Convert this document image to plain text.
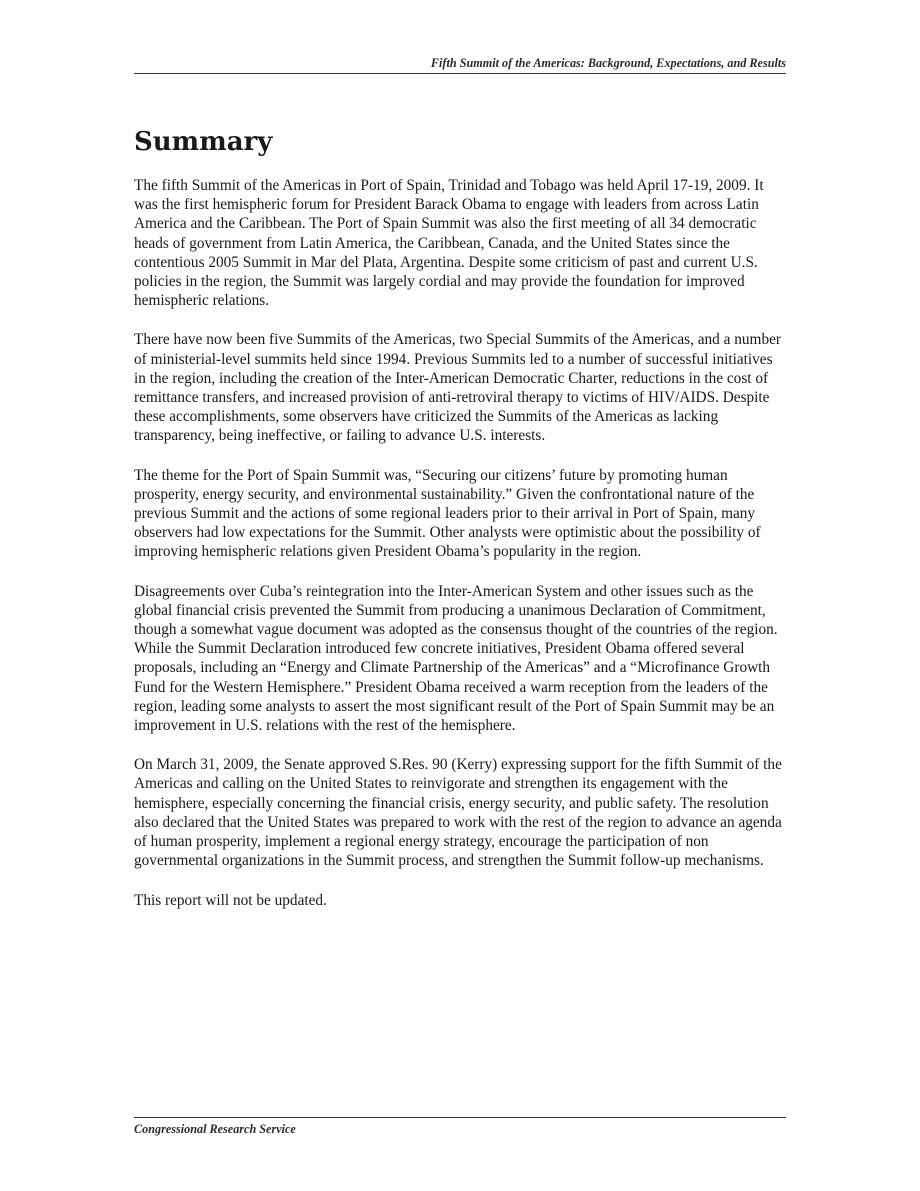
Fifth Summit of the Americas: Background, Expectations, and Results
Summary

The fifth Summit of the Americas in Port of Spain, Trinidad and Tobago was held April 17-19, 2009. It was the first hemispheric forum for President Barack Obama to engage with leaders from across Latin America and the Caribbean. The Port of Spain Summit was also the first meeting of all 34 democratic heads of government from Latin America, the Caribbean, Canada, and the United States since the contentious 2005 Summit in Mar del Plata, Argentina. Despite some criticism of past and current U.S. policies in the region, the Summit was largely cordial and may provide the foundation for improved hemispheric relations.

There have now been five Summits of the Americas, two Special Summits of the Americas, and a number of ministerial-level summits held since 1994. Previous Summits led to a number of successful initiatives in the region, including the creation of the Inter-American Democratic Charter, reductions in the cost of remittance transfers, and increased provision of anti-retroviral therapy to victims of HIV/AIDS. Despite these accomplishments, some observers have criticized the Summits of the Americas as lacking transparency, being ineffective, or failing to advance U.S. interests.

The theme for the Port of Spain Summit was, “Securing our citizens’ future by promoting human prosperity, energy security, and environmental sustainability.” Given the confrontational nature of the previous Summit and the actions of some regional leaders prior to their arrival in Port of Spain, many observers had low expectations for the Summit. Other analysts were optimistic about the possibility of improving hemispheric relations given President Obama’s popularity in the region.

Disagreements over Cuba’s reintegration into the Inter-American System and other issues such as the global financial crisis prevented the Summit from producing a unanimous Declaration of Commitment, though a somewhat vague document was adopted as the consensus thought of the countries of the region. While the Summit Declaration introduced few concrete initiatives, President Obama offered several proposals, including an “Energy and Climate Partnership of the Americas” and a “Microfinance Growth Fund for the Western Hemisphere.” President Obama received a warm reception from the leaders of the region, leading some analysts to assert the most significant result of the Port of Spain Summit may be an improvement in U.S. relations with the rest of the hemisphere.

On March 31, 2009, the Senate approved S.Res. 90 (Kerry) expressing support for the fifth Summit of the Americas and calling on the United States to reinvigorate and strengthen its engagement with the hemisphere, especially concerning the financial crisis, energy security, and public safety. The resolution also declared that the United States was prepared to work with the rest of the region to advance an agenda of human prosperity, implement a regional energy strategy, encourage the participation of non governmental organizations in the Summit process, and strengthen the Summit follow-up mechanisms.

This report will not be updated.

Congressional Research Service
